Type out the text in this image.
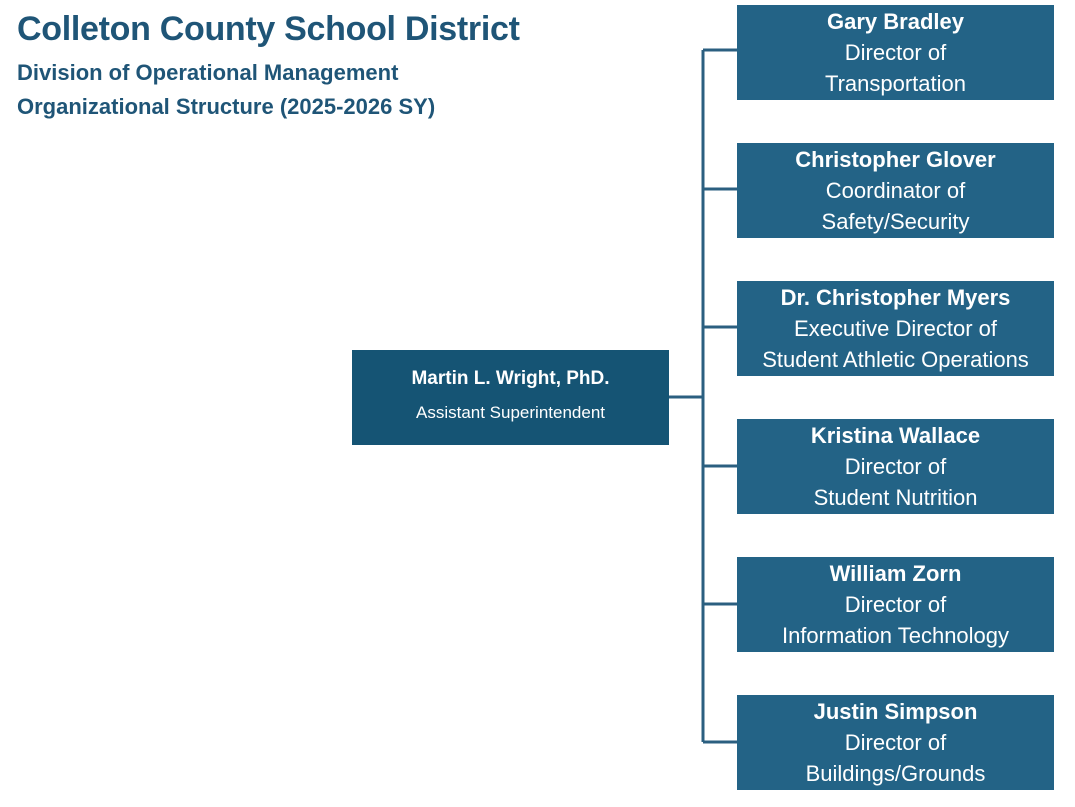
Colleton County School District
Division of Operational Management
Organizational Structure (2025-2026 SY)
Martin L. Wright, PhD.
Assistant Superintendent
Gary Bradley
Director of
Transportation
Christopher Glover
Coordinator of
Safety/Security
Dr. Christopher Myers
Executive Director of
Student Athletic Operations
Kristina Wallace
Director of
Student Nutrition
William Zorn
Director of
Information Technology
Justin Simpson
Director of
Buildings/Grounds
